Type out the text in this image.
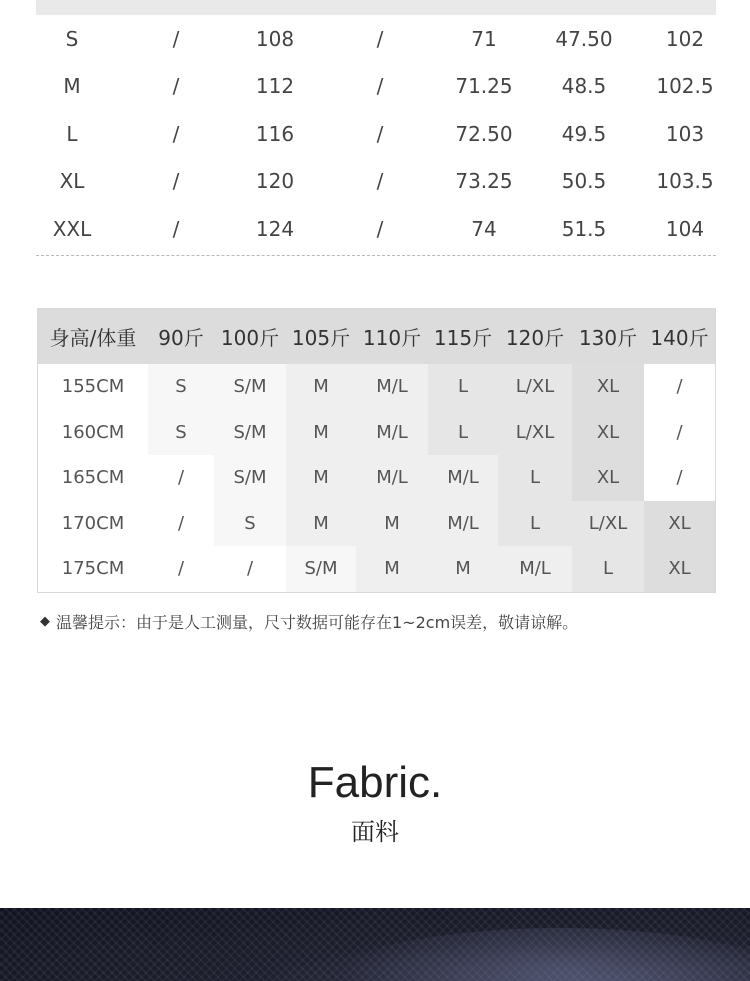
S	/	108	/	71	47.50	102
M	/	112	/	71.25	48.5	102.5
L	/	116	/	72.50	49.5	103
XL	/	120	/	73.25	50.5	103.5
XXL	/	124	/	74	51.5	104
身高/体重	90斤 100斤 105斤 110斤 115斤 120斤 130斤 140斤
155CM	S	S/M	M	M/L	L	L/XL	XL	/
160CM	S	S/M	M	M/L	L	L/XL	XL	/
165CM	/	S/M	M	M/L	M/L	L	XL	/
170CM	/	S	M	M	M/L	L	L/XL	XL
175CM	/	/	S/M	M	M	M/L	L	XL
◆ 温馨提示：由于是人工测量，尺寸数据可能存在1~2cm误差，敬请谅解。
Fabric.
面料
